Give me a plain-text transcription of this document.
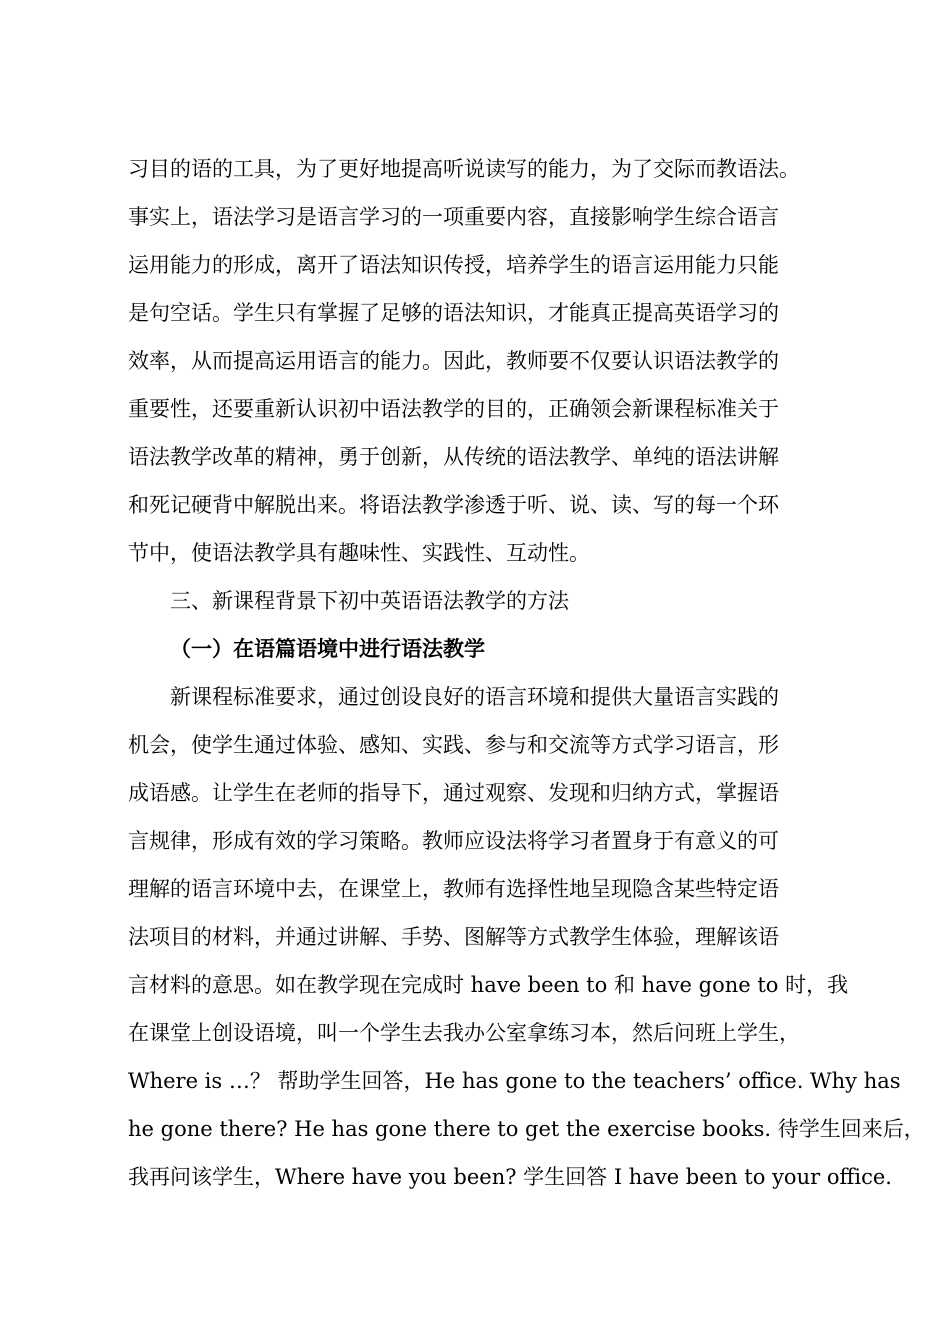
习目的语的工具，为了更好地提高听说读写的能力，为了交际而教语法。
事实上，语法学习是语言学习的一项重要内容，直接影响学生综合语言
运用能力的形成，离开了语法知识传授，培养学生的语言运用能力只能
是句空话。学生只有掌握了足够的语法知识，才能真正提高英语学习的
效率，从而提高运用语言的能力。因此，教师要不仅要认识语法教学的
重要性，还要重新认识初中语法教学的目的，正确领会新课程标准关于
语法教学改革的精神，勇于创新，从传统的语法教学、单纯的语法讲解
和死记硬背中解脱出来。将语法教学渗透于听、说、读、写的每一个环
节中，使语法教学具有趣味性、实践性、互动性。
三、新课程背景下初中英语语法教学的方法
（一）在语篇语境中进行语法教学
新课程标准要求，通过创设良好的语言环境和提供大量语言实践的
机会，使学生通过体验、感知、实践、参与和交流等方式学习语言，形
成语感。让学生在老师的指导下，通过观察、发现和归纳方式，掌握语
言规律，形成有效的学习策略。教师应设法将学习者置身于有意义的可
理解的语言环境中去，在课堂上，教师有选择性地呈现隐含某些特定语
法项目的材料，并通过讲解、手势、图解等方式教学生体验，理解该语
言材料的意思。如在教学现在完成时 have been to 和 have gone to 时，我
在课堂上创设语境，叫一个学生去我办公室拿练习本，然后问班上学生，
Where is …？ 帮助学生回答，He has gone to the teachers’ office. Why has
he gone there? He has gone there to get the exercise books. 待学生回来后，
我再问该学生，Where have you been? 学生回答 I have been to your office.
